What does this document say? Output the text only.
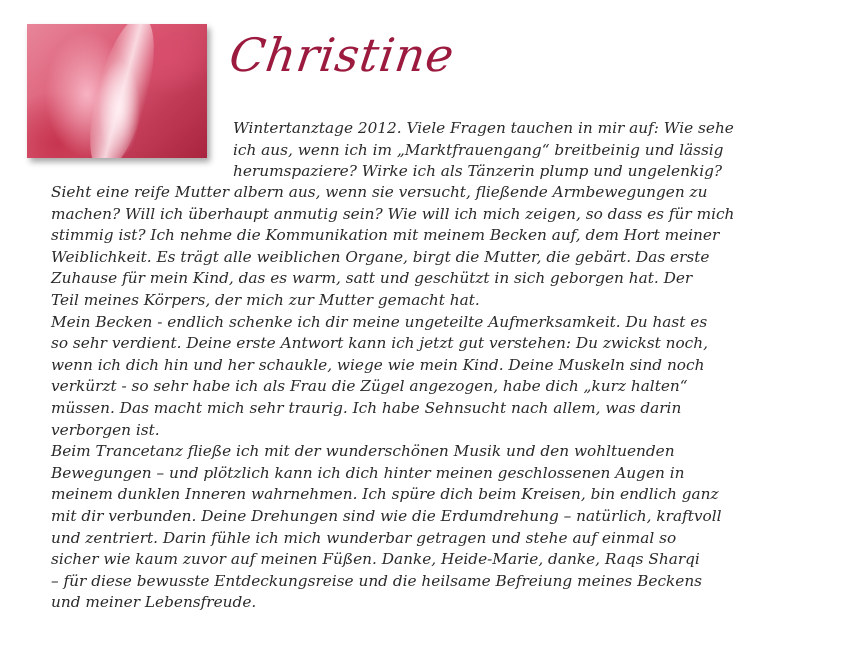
Christine
Wintertanztage 2012. Viele Fragen tauchen in mir auf: Wie sehe
ich aus, wenn ich im „Marktfrauengang“ breitbeinig und lässig
herumspaziere? Wirke ich als Tänzerin plump und ungelenkig?
Sieht eine reife Mutter albern aus, wenn sie versucht, fließende Armbewegungen zu
machen? Will ich überhaupt anmutig sein? Wie will ich mich zeigen, so dass es für mich
stimmig ist? Ich nehme die Kommunikation mit meinem Becken auf, dem Hort meiner
Weiblichkeit. Es trägt alle weiblichen Organe, birgt die Mutter, die gebärt. Das erste
Zuhause für mein Kind, das es warm, satt und geschützt in sich geborgen hat. Der
Teil meines Körpers, der mich zur Mutter gemacht hat.
Mein Becken - endlich schenke ich dir meine ungeteilte Aufmerksamkeit. Du hast es
so sehr verdient. Deine erste Antwort kann ich jetzt gut verstehen: Du zwickst noch,
wenn ich dich hin und her schaukle, wiege wie mein Kind. Deine Muskeln sind noch
verkürzt - so sehr habe ich als Frau die Zügel angezogen, habe dich „kurz halten“
müssen. Das macht mich sehr traurig. Ich habe Sehnsucht nach allem, was darin
verborgen ist.
Beim Trancetanz fließe ich mit der wunderschönen Musik und den wohltuenden
Bewegungen – und plötzlich kann ich dich hinter meinen geschlossenen Augen in
meinem dunklen Inneren wahrnehmen. Ich spüre dich beim Kreisen, bin endlich ganz
mit dir verbunden. Deine Drehungen sind wie die Erdumdrehung – natürlich, kraftvoll
und zentriert. Darin fühle ich mich wunderbar getragen und stehe auf einmal so
sicher wie kaum zuvor auf meinen Füßen. Danke, Heide-Marie, danke, Raqs Sharqi
– für diese bewusste Entdeckungsreise und die heilsame Befreiung meines Beckens
und meiner Lebensfreude.
